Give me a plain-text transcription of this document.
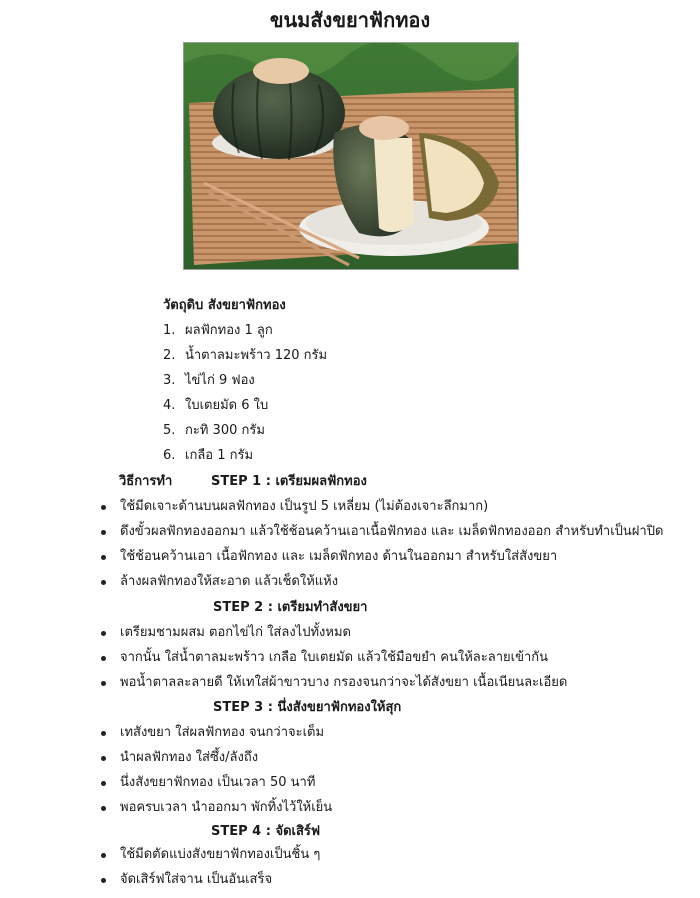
ขนมสังขยาฟักทอง
วัตถุดิบ สังขยาฟักทอง
1. ผลฟักทอง 1 ลูก
2. น้ำตาลมะพร้าว 120 กรัม
3. ไข่ไก่ 9 ฟอง
4. ใบเตยมัด 6 ใบ
5. กะทิ 300 กรัม
6. เกลือ 1 กรัม
วิธีการทำ	STEP 1 : เตรียมผลฟักทอง
ใช้มีดเจาะด้านบนผลฟักทอง เป็นรูป 5 เหลี่ยม (ไม่ต้องเจาะลึกมาก)
ดึงขั้วผลฟักทองออกมา แล้วใช้ช้อนคว้านเอาเนื้อฟักทอง และ เมล็ดฟักทองออก สำหรับทำเป็นฝาปิด
ใช้ช้อนคว้านเอา เนื้อฟักทอง และ เมล็ดฟักทอง ด้านในออกมา สำหรับใส่สังขยา
ล้างผลฟักทองให้สะอาด แล้วเช็ดให้แห้ง
STEP 2 : เตรียมทำสังขยา
เตรียมชามผสม ตอกไข่ไก่ ใส่ลงไปทั้งหมด
จากนั้น ใส่น้ำตาลมะพร้าว เกลือ ใบเตยมัด แล้วใช้มือขยำ คนให้ละลายเข้ากัน
พอน้ำตาลละลายดี ให้เทใส่ผ้าขาวบาง กรองจนกว่าจะได้สังขยา เนื้อเนียนละเอียด
STEP 3 : นึ่งสังขยาฟักทองให้สุก
เทสังขยา ใส่ผลฟักทอง จนกว่าจะเต็ม
นำผลฟักทอง ใส่ซึ้ง/ลังถึง
นึ่งสังขยาฟักทอง เป็นเวลา 50 นาที
พอครบเวลา นำออกมา พักทิ้งไว้ให้เย็น
STEP 4 : จัดเสิร์ฟ
ใช้มีดตัดแบ่งสังขยาฟักทองเป็นชิ้น ๆ
จัดเสิร์ฟใส่จาน เป็นอันเสร็จ
